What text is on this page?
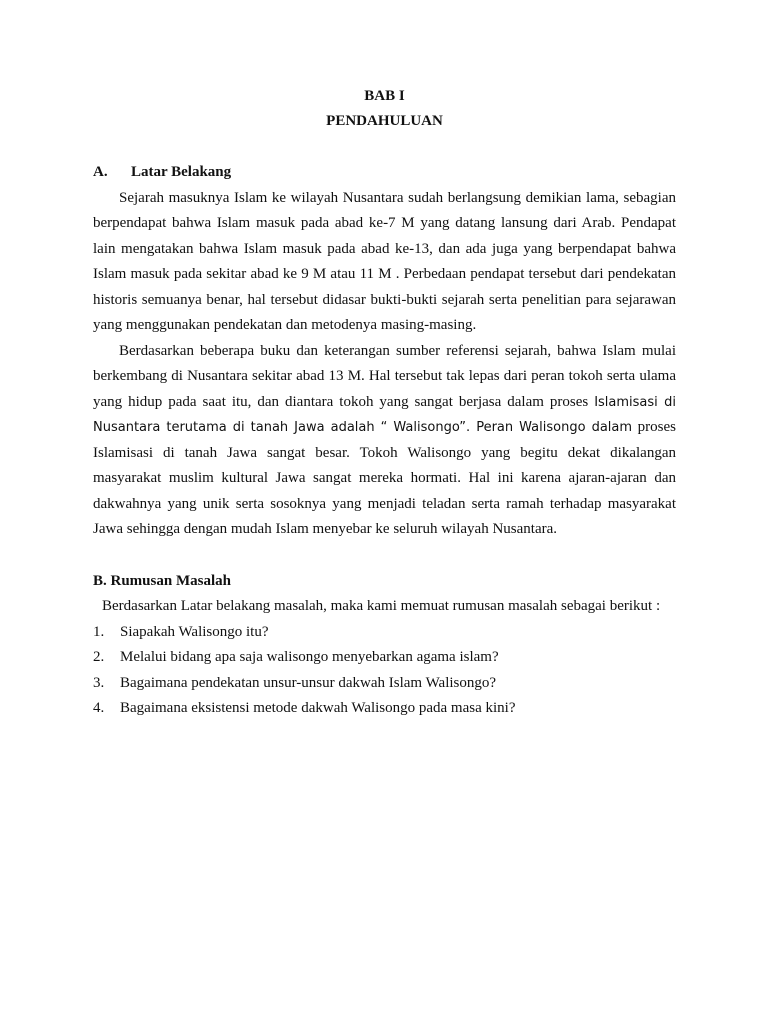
BAB I

PENDAHULUAN

A.	Latar Belakang

Sejarah masuknya Islam ke wilayah Nusantara sudah berlangsung demikian lama, sebagian berpendapat bahwa Islam masuk pada abad ke-7 M yang datang lansung dari Arab. Pendapat lain mengatakan bahwa Islam masuk pada abad ke-13, dan ada juga yang berpendapat bahwa Islam masuk pada sekitar abad ke 9 M atau 11 M . Perbedaan pendapat tersebut dari pendekatan historis semuanya benar, hal tersebut didasar bukti-bukti sejarah serta penelitian para sejarawan yang menggunakan pendekatan dan metodenya masing-masing.

Berdasarkan beberapa buku dan keterangan sumber referensi sejarah, bahwa Islam mulai berkembang di Nusantara sekitar abad 13 M. Hal tersebut tak lepas dari peran tokoh serta ulama yang hidup pada saat itu, dan diantara tokoh yang sangat berjasa dalam proses Islamisasi di Nusantara terutama di tanah Jawa adalah “ Walisongo”. Peran Walisongo dalam proses Islamisasi di tanah Jawa sangat besar. Tokoh Walisongo yang begitu dekat dikalangan masyarakat muslim kultural Jawa sangat mereka hormati. Hal ini karena ajaran-ajaran dan dakwahnya yang unik serta sosoknya yang menjadi teladan serta ramah terhadap masyarakat Jawa sehingga dengan mudah Islam menyebar ke seluruh wilayah Nusantara.

B. Rumusan Masalah

Berdasarkan Latar belakang masalah, maka kami memuat rumusan masalah sebagai berikut :

1.	Siapakah Walisongo itu?
2.	Melalui bidang apa saja walisongo menyebarkan agama islam?
3.	Bagaimana pendekatan unsur-unsur dakwah Islam Walisongo?
4.	Bagaimana eksistensi metode dakwah Walisongo pada masa kini?
